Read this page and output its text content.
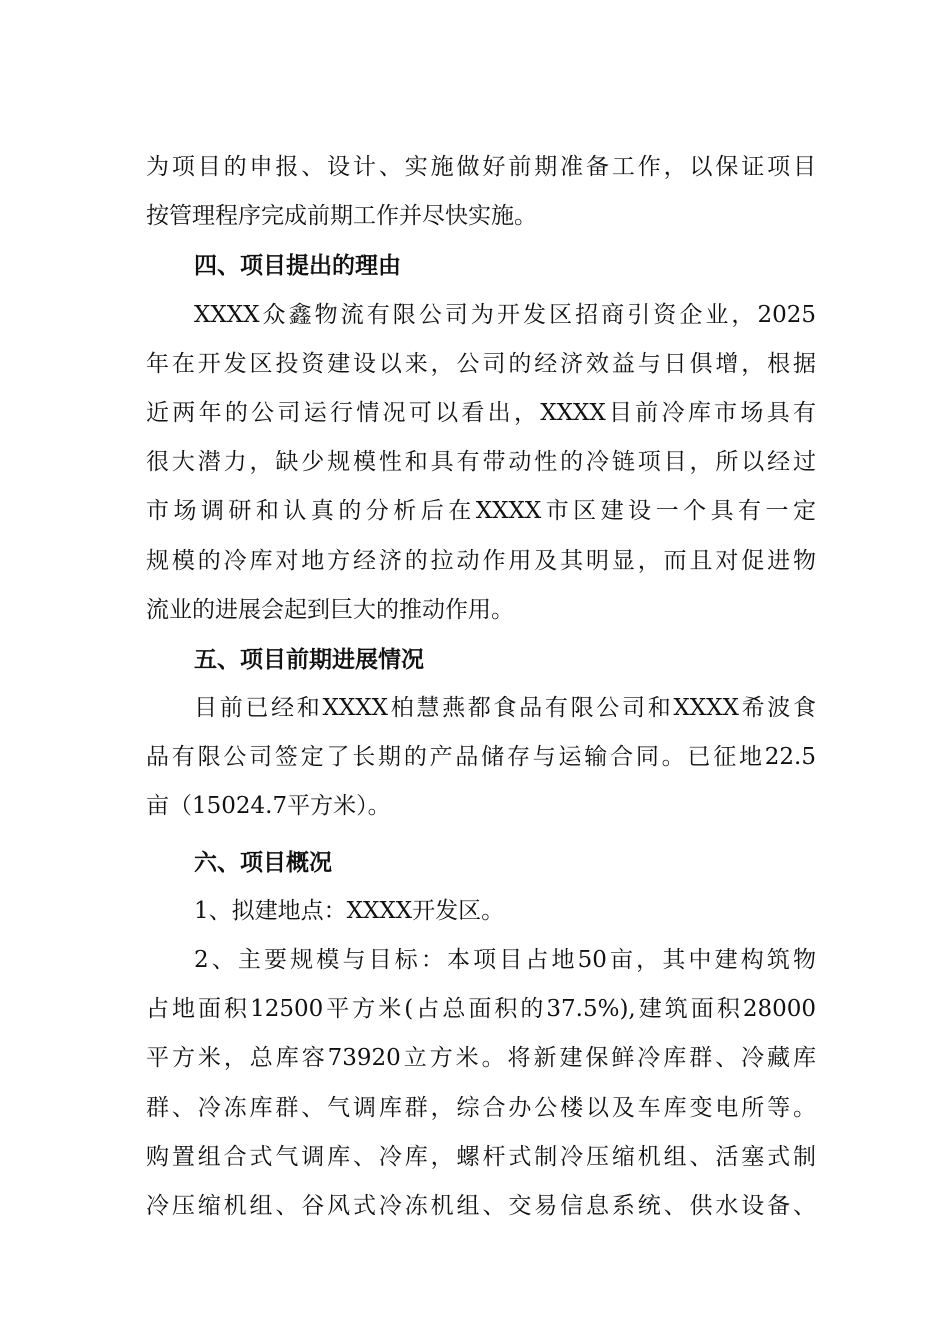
为项目的申报、设计、实施做好前期准备工作，以保证项目
按管理程序完成前期工作并尽快实施。
四、项目提出的理由
XXXX众鑫物流有限公司为开发区招商引资企业，2025
年在开发区投资建设以来，公司的经济效益与日俱增，根据
近两年的公司运行情况可以看出，XXXX目前冷库市场具有
很大潜力，缺少规模性和具有带动性的冷链项目，所以经过
市场调研和认真的分析后在XXXX市区建设一个具有一定
规模的冷库对地方经济的拉动作用及其明显，而且对促进物
流业的进展会起到巨大的推动作用。
五、项目前期进展情况
目前已经和XXXX柏慧燕都食品有限公司和XXXX希波食
品有限公司签定了长期的产品储存与运输合同。已征地22.5
亩（15024.7平方米）。
六、项目概况
1、拟建地点：XXXX开发区。
2、主要规模与目标：本项目占地50亩，其中建构筑物
占地面积12500平方米(占总面积的37.5%),建筑面积28000
平方米，总库容73920立方米。将新建保鲜冷库群、冷藏库
群、冷冻库群、气调库群，综合办公楼以及车库变电所等。
购置组合式气调库、冷库，螺杆式制冷压缩机组、活塞式制
冷压缩机组、谷风式冷冻机组、交易信息系统、供水设备、
